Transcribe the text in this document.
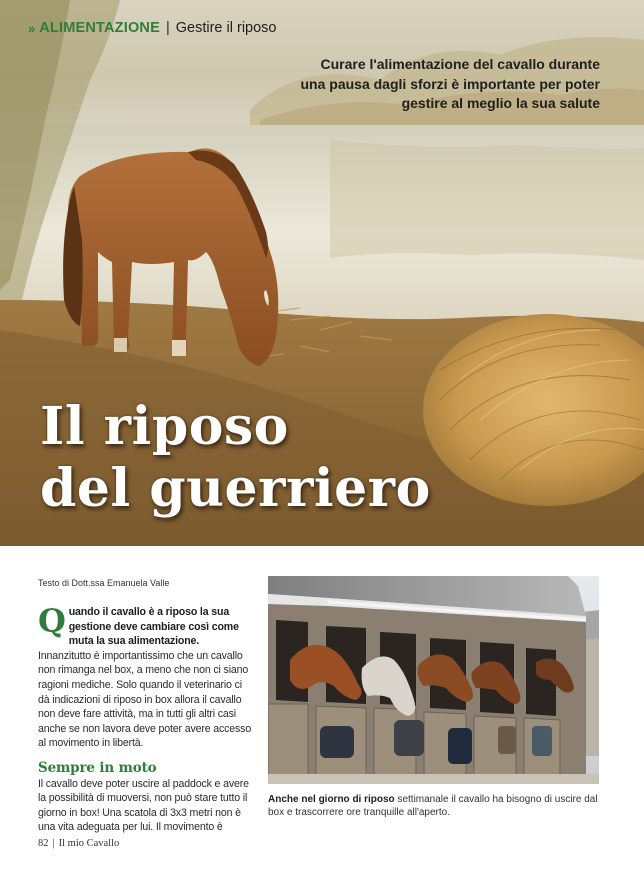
» ALIMENTAZIONE | Gestire il riposo
Curare l'alimentazione del cavallo durante una pausa dagli sforzi è importante per poter gestire al meglio la sua salute
Il riposo
del guerriero
Testo di Dott.ssa Emanuela Valle

Quando il cavallo è a riposo la sua gestione deve cambiare così come muta la sua alimentazione. Innanzitutto è importantissimo che un cavallo non rimanga nel box, a meno che non ci siano ragioni mediche. Solo quando il veterinario ci dà indicazioni di riposo in box allora il cavallo non deve fare attività, ma in tutti gli altri casi anche se non lavora deve poter avere accesso al movimento in libertà.

Sempre in moto

Il cavallo deve poter uscire al paddock e avere la possibilità di muoversi, non può stare tutto il giorno in box! Una scatola di 3x3 metri non è una vita adeguata per lui. Il movimento è

Anche nel giorno di riposo settimanale il cavallo ha bisogno di uscire dal box e trascorrere ore tranquille all'aperto.
82 | Il mio Cavallo
